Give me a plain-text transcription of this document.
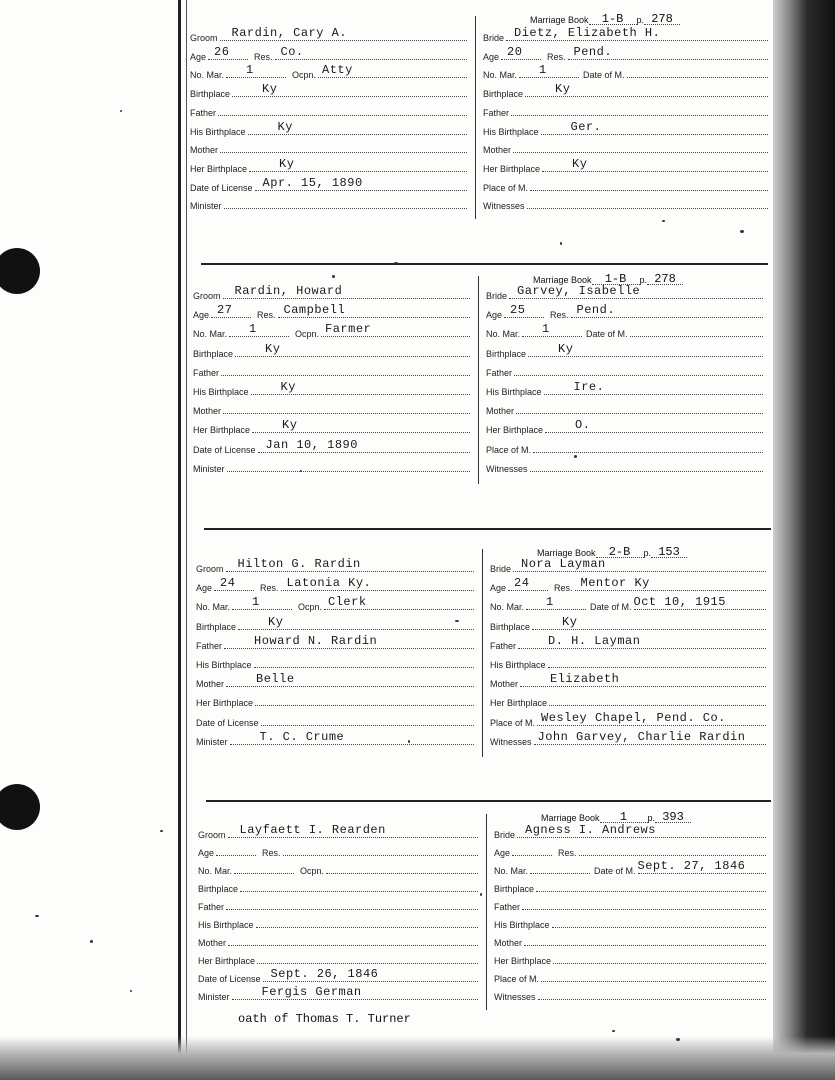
Marriage Book	1-B	p. 278
Groom Rardin, Cary A.
Age 26	Res. Co.
No. Mar. 1	Ocpn. Atty
Birthplace	Ky
Father
His Birthplace	Ky
Mother
Her Birthplace	Ky
Date of License Apr. 15, 1890
Minister
Bride Dietz, Elizabeth H.
Age 20	Res. Pend.
No. Mar. 1	Date of M.
Birthplace	Ky
Father
His Birthplace	Ger.
Mother
Her Birthplace	Ky
Place of M.
Witnesses
Marriage Book	1-B	p. 278
Groom Rardin, Howard
Age 27	Res. Campbell
No. Mar. 1	Ocpn. Farmer
Birthplace	Ky
Father
His Birthplace	Ky
Mother
Her Birthplace	Ky
Date of License Jan 10, 1890
Minister
Bride Garvey, Isabelle
Age 25	Res. Pend.
No. Mar. 1	Date of M.
Birthplace	Ky
Father
His Birthplace	Ire.
Mother
Her Birthplace	O.
Place of M.
Witnesses
Marriage Book	2-B	p. 153
Groom Hilton G. Rardin
Age 24	Res. Latonia Ky.
No. Mar. 1	Ocpn. Clerk
Birthplace	Ky
Father	Howard N. Rardin
His Birthplace
Mother	Belle
Her Birthplace
Date of License
Minister	T. C. Crume
Bride Nora Layman
Age 24	Res. Mentor Ky
No. Mar. 1	Date of M. Oct 10, 1915
Birthplace	Ky
Father	D. H. Layman
His Birthplace
Mother	Elizabeth
Her Birthplace
Place of M. Wesley Chapel, Pend. Co.
Witnesses John Garvey, Charlie Rardin
Marriage Book	1	p. 393
Groom Layfaett I. Rearden
Age	Res.
No. Mar.	Ocpn.
Birthplace
Father
His Birthplace
Mother
Her Birthplace
Date of License Sept. 26, 1846
Minister	Fergis German
Bride Agness I. Andrews
Age	Res.
No. Mar.	Date of M. Sept. 27, 1846
Birthplace
Father
His Birthplace
Mother
Her Birthplace
Place of M.
Witnesses
oath of Thomas T. Turner
